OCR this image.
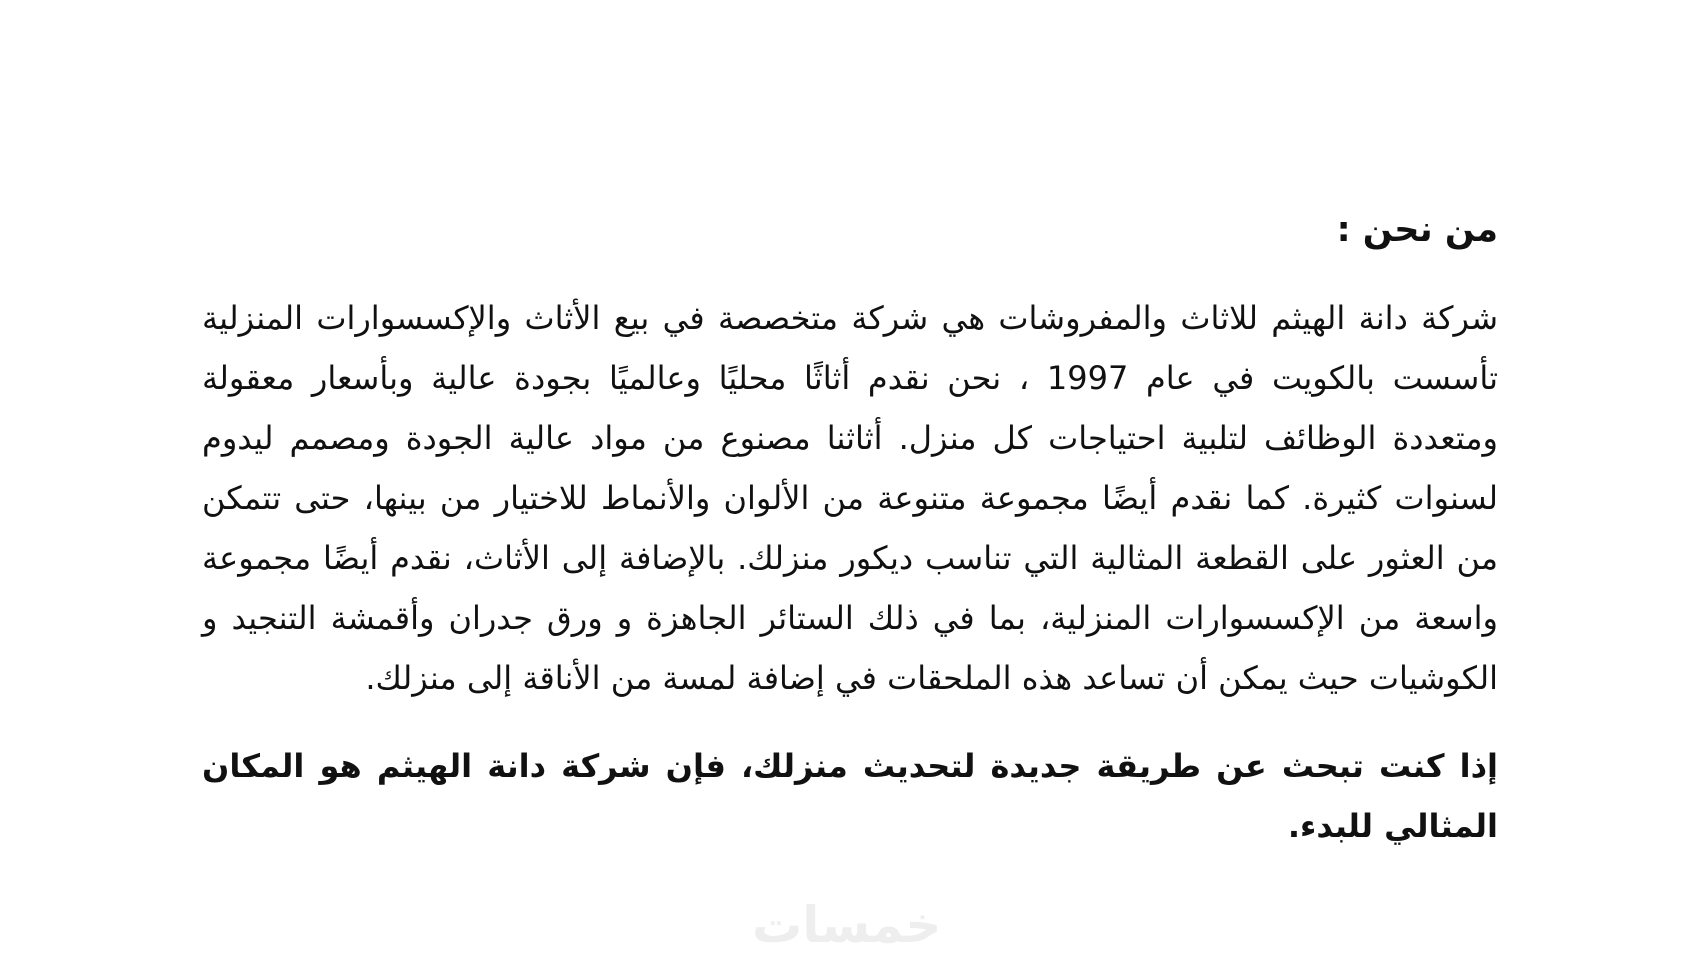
من نحن :

شركة دانة الهيثم للاثاث والمفروشات هي شركة متخصصة في بيع الأثاث والإكسسوارات المنزلية تأسست بالكويت في عام 1997 ، نحن نقدم أثاثًا محليًا وعالميًا بجودة عالية وبأسعار معقولة ومتعددة الوظائف لتلبية احتياجات كل منزل. أثاثنا مصنوع من مواد عالية الجودة ومصمم ليدوم لسنوات كثيرة. كما نقدم أيضًا مجموعة متنوعة من الألوان والأنماط للاختيار من بينها، حتى تتمكن من العثور على القطعة المثالية التي تناسب ديكور منزلك. بالإضافة إلى الأثاث، نقدم أيضًا مجموعة واسعة من الإكسسوارات المنزلية، بما في ذلك الستائر الجاهزة و ورق جدران وأقمشة التنجيد و الكوشيات حيث يمكن أن تساعد هذه الملحقات في إضافة لمسة من الأناقة إلى منزلك.

إذا كنت تبحث عن طريقة جديدة لتحديث منزلك، فإن شركة دانة الهيثم هو المكان المثالي للبدء.

خمسات
